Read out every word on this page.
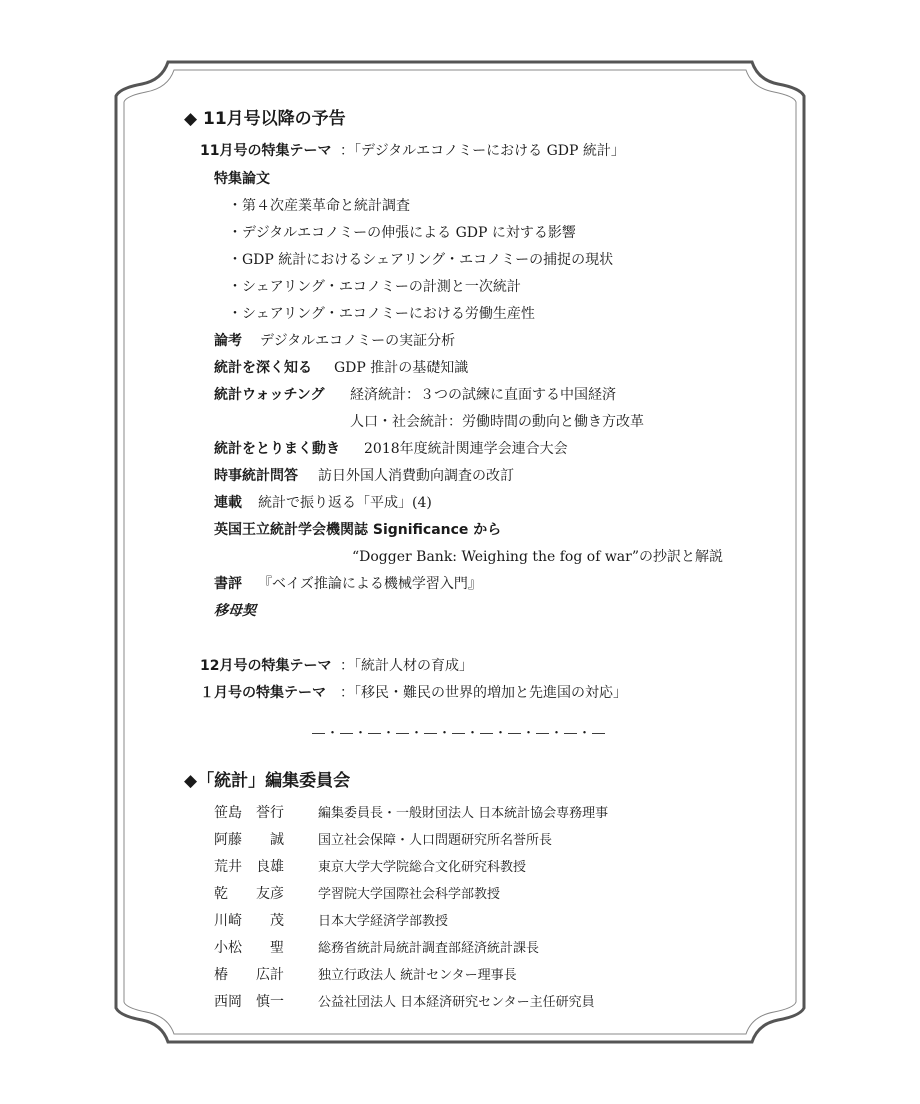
◆ 11月号以降の予告
11月号の特集テーマ ：「デジタルエコノミーにおける GDP 統計」
特集論文
・第４次産業革命と統計調査
・デジタルエコノミーの伸張による GDP に対する影響
・GDP 統計におけるシェアリング・エコノミーの捕捉の現状
・シェアリング・エコノミーの計測と一次統計
・シェアリング・エコノミーにおける労働生産性
論考 デジタルエコノミーの実証分析
統計を深く知る GDP 推計の基礎知識
統計ウォッチング 経済統計：３つの試練に直面する中国経済
人口・社会統計：労働時間の動向と働き方改革
統計をとりまく動き 2018年度統計関連学会連合大会
時事統計問答 訪日外国人消費動向調査の改訂
連載 統計で振り返る「平成」(4)
英国王立統計学会機関誌 Significance から
“Dogger Bank: Weighing the fog of war”の抄訳と解説
書評 『ベイズ推論による機械学習入門』
移母契
12月号の特集テーマ ：「統計人材の育成」
１月号の特集テーマ ：「移民・難民の世界的増加と先進国の対応」
―・―・―・―・―・―・―・―・―・―・―
◆「統計」編集委員会
笹島　誉行	編集委員長・一般財団法人 日本統計協会専務理事
阿藤　　誠	国立社会保障・人口問題研究所名誉所長
荒井　良雄	東京大学大学院総合文化研究科教授
乾　　友彦	学習院大学国際社会科学部教授
川崎　　茂	日本大学経済学部教授
小松　　聖	総務省統計局統計調査部経済統計課長
椿　　広計	独立行政法人 統計センター理事長
西岡　慎一	公益社団法人 日本経済研究センター主任研究員
